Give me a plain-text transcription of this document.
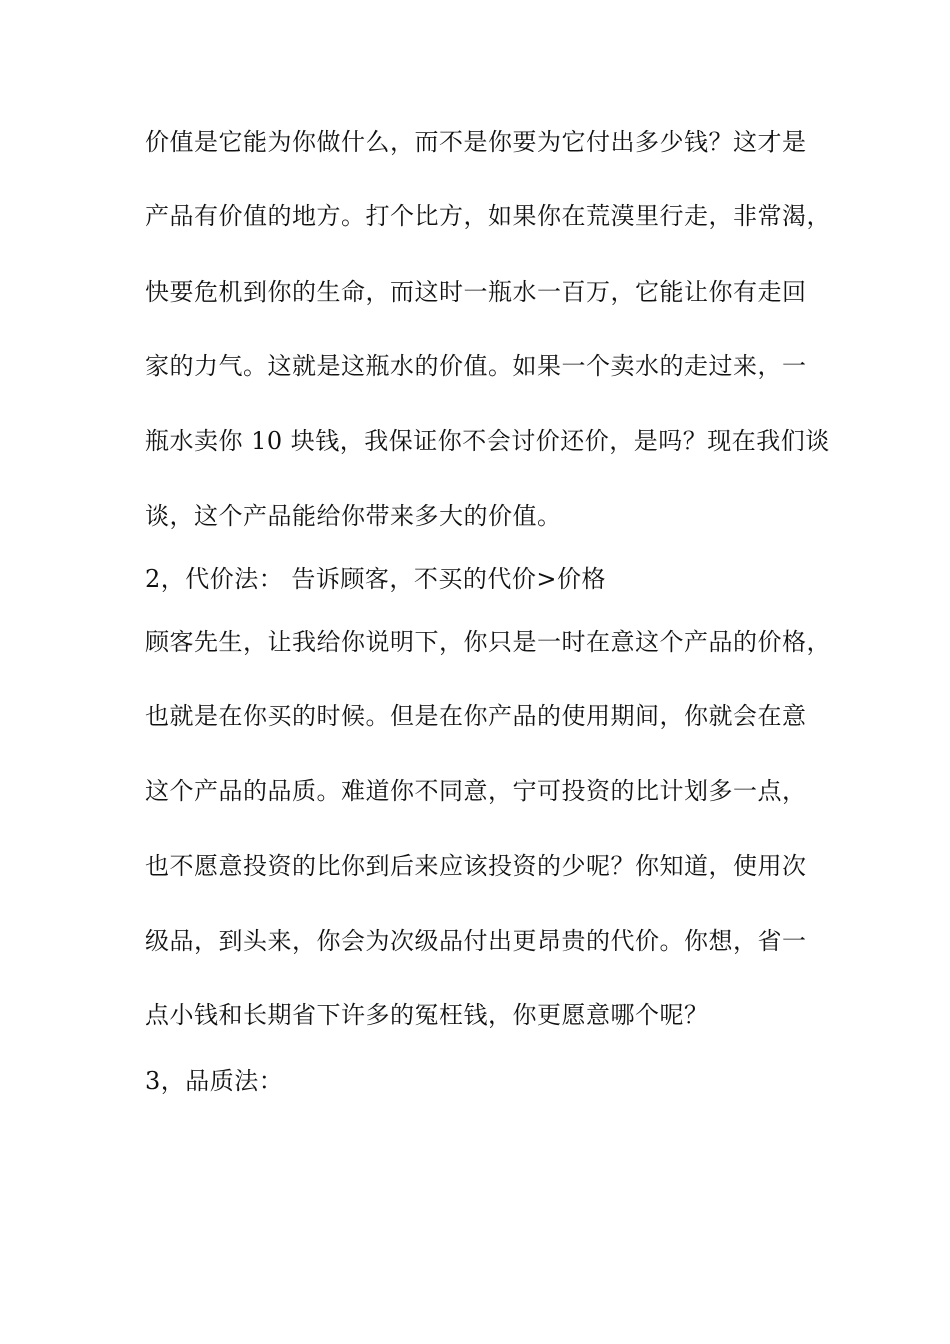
价值是它能为你做什么，而不是你要为它付出多少钱？这才是
产品有价值的地方。打个比方，如果你在荒漠里行走，非常渴，
快要危机到你的生命，而这时一瓶水一百万，它能让你有走回
家的力气。这就是这瓶水的价值。如果一个卖水的走过来，一
瓶水卖你 10 块钱，我保证你不会讨价还价，是吗？现在我们谈
谈，这个产品能给你带来多大的价值。
2，代价法： 告诉顾客，不买的代价>价格
顾客先生，让我给你说明下，你只是一时在意这个产品的价格，
也就是在你买的时候。但是在你产品的使用期间，你就会在意
这个产品的品质。难道你不同意，宁可投资的比计划多一点，
也不愿意投资的比你到后来应该投资的少呢？你知道，使用次
级品，到头来，你会为次级品付出更昂贵的代价。你想，省一
点小钱和长期省下许多的冤枉钱，你更愿意哪个呢？
3，品质法：
